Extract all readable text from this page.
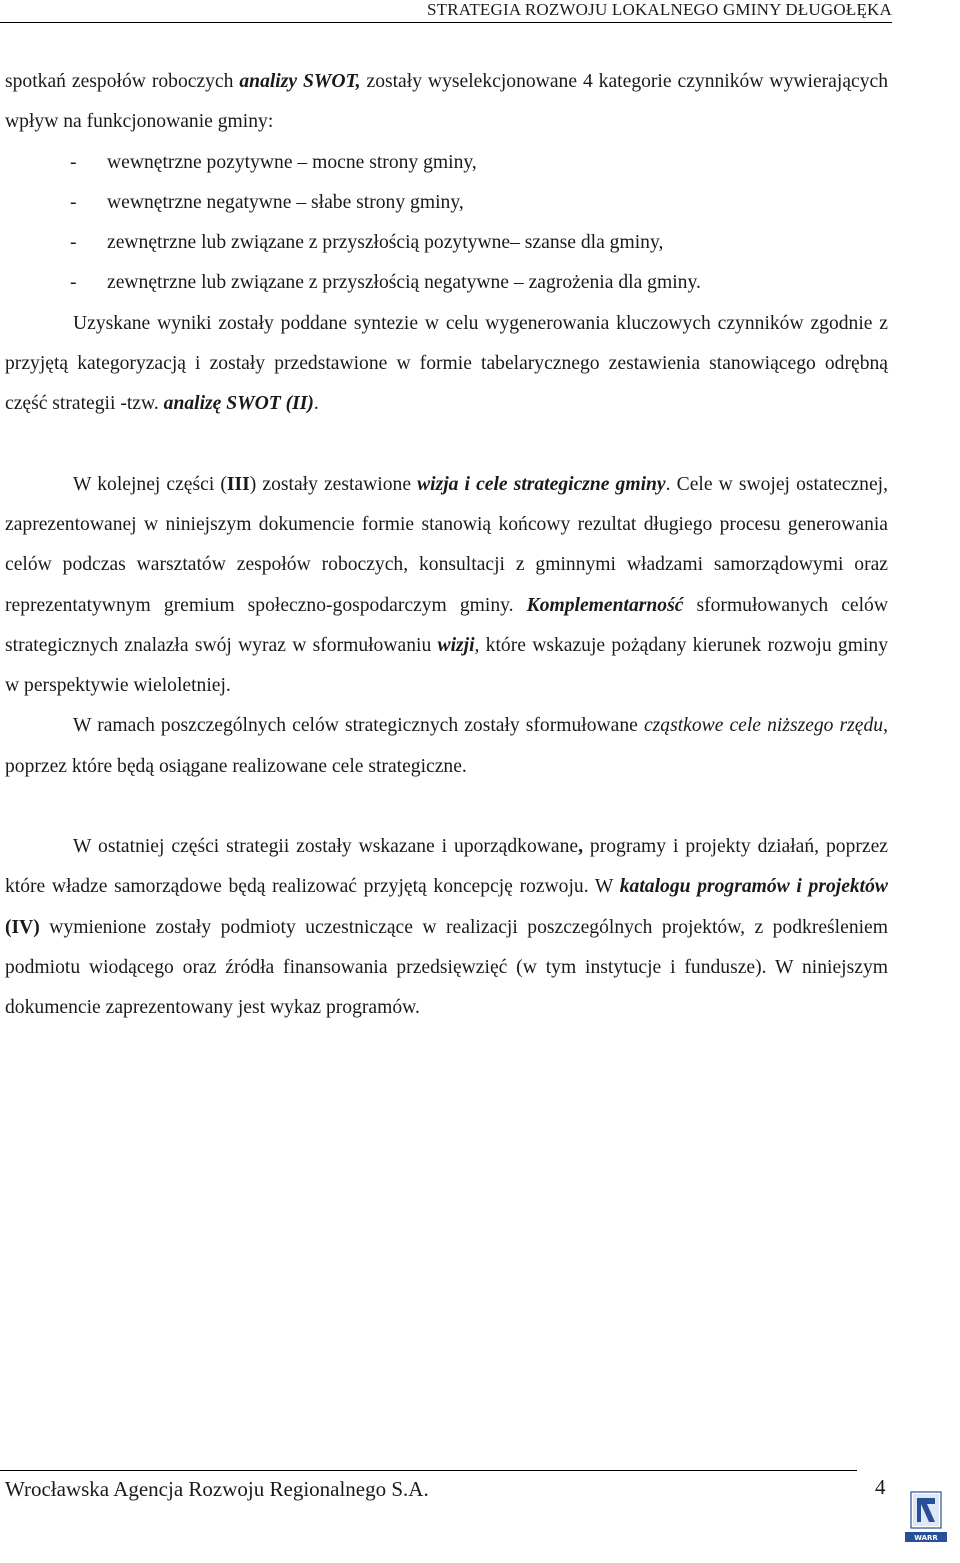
STRATEGIA ROZWOJU LOKALNEGO GMINY DŁUGOŁĘKA

spotkań zespołów roboczych analizy SWOT, zostały wyselekcjonowane 4 kategorie czynników wywierających wpływ na funkcjonowanie gminy:

-	wewnętrzne pozytywne – mocne strony gminy,
-	wewnętrzne negatywne – słabe strony gminy,
-	zewnętrzne lub związane z przyszłością pozytywne– szanse dla gminy,
-	zewnętrzne lub związane z przyszłością negatywne – zagrożenia dla gminy.

Uzyskane wyniki zostały poddane syntezie w celu wygenerowania kluczowych czynników zgodnie z przyjętą kategoryzacją i zostały przedstawione w formie tabelarycznego zestawienia stanowiącego odrębną część strategii -tzw. analizę SWOT (II).

W kolejnej części (III) zostały zestawione wizja i cele strategiczne gminy. Cele w swojej ostatecznej, zaprezentowanej w niniejszym dokumencie formie stanowią końcowy rezultat długiego procesu generowania celów podczas warsztatów zespołów roboczych, konsultacji z gminnymi władzami samorządowymi oraz reprezentatywnym gremium społeczno-gospodarczym gminy. Komplementarność sformułowanych celów strategicznych znalazła swój wyraz w sformułowaniu wizji, które wskazuje pożądany kierunek rozwoju gminy w perspektywie wieloletniej.

W ramach poszczególnych celów strategicznych zostały sformułowane cząstkowe cele niższego rzędu, poprzez które będą osiągane realizowane cele strategiczne.

W ostatniej części strategii zostały wskazane i uporządkowane, programy i projekty działań, poprzez które władze samorządowe będą realizować przyjętą koncepcję rozwoju. W katalogu programów i projektów (IV) wymienione zostały podmioty uczestniczące w realizacji poszczególnych projektów, z podkreśleniem podmiotu wiodącego oraz źródła finansowania przedsięwzięć (w tym instytucje i fundusze). W niniejszym dokumencie zaprezentowany jest wykaz programów.

Wrocławska Agencja Rozwoju Regionalnego S.A.	4
WARR
